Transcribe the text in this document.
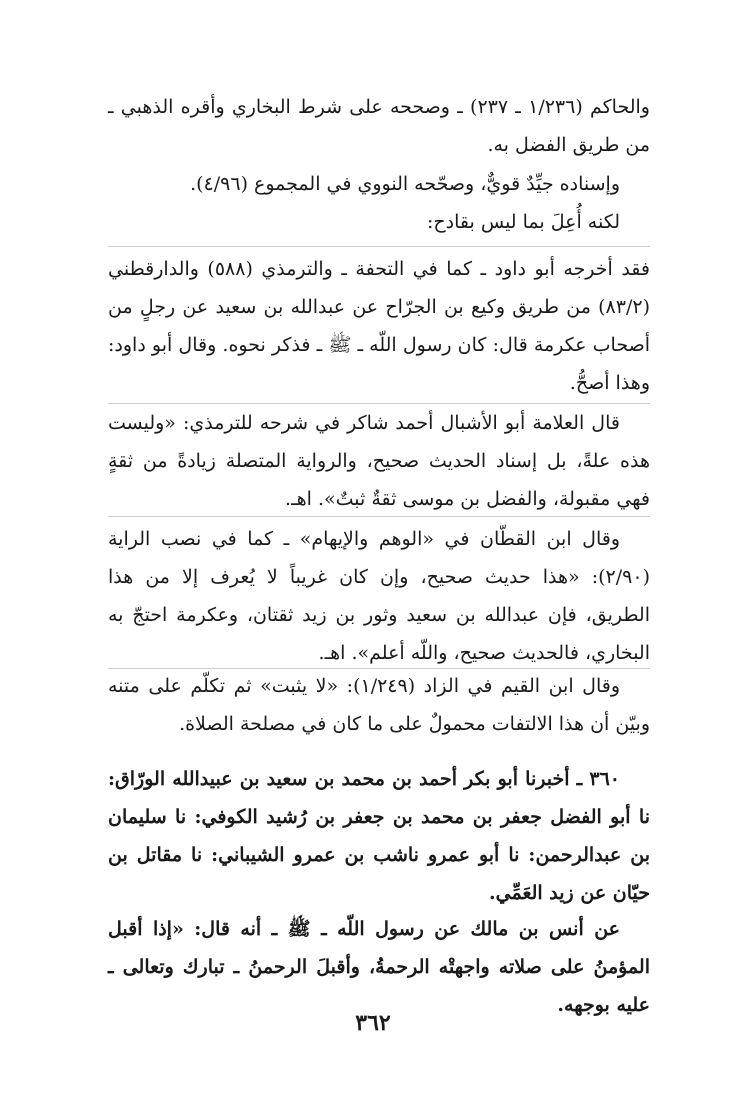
والحاكم (١/٢٣٦ ـ ٢٣٧) ـ وصححه على شرط البخاري وأقره الذهبي ـ من طريق الفضل به.
وإسناده جيِّدٌ قويٌّ، وصحّحه النووي في المجموع (٤/٩٦).
لكنه أُعِلَ بما ليس بقادح:
فقد أخرجه أبو داود ـ كما في التحفة ـ والترمذي (٥٨٨) والدارقطني (٨٣/٢) من طريق وكيع بن الجرّاح عن عبدالله بن سعيد عن رجلٍ من أصحاب عكرمة قال: كان رسول اللّه ـ ﷺ ـ فذكر نحوه. وقال أبو داود: وهذا أصحُّ.
قال العلامة أبو الأشبال أحمد شاكر في شرحه للترمذي: «وليست هذه علةً، بل إسناد الحديث صحيح، والرواية المتصلة زيادةً من ثقةٍ فهي مقبولة، والفضل بن موسى ثقةٌ ثبتٌ». اهـ.
وقال ابن القطّان في «الوهم والإيهام» ـ كما في نصب الراية (٢/٩٠): «هذا حديث صحيح، وإن كان غريباً لا يُعرف إلا من هذا الطريق، فإن عبدالله بن سعيد وثور بن زيد ثقتان، وعكرمة احتجّ به البخاري، فالحديث صحيح، واللّه أعلم». اهـ.
وقال ابن القيم في الزاد (١/٢٤٩): «لا يثبت» ثم تكلّم على متنه وبيّن أن هذا الالتفات محمولٌ على ما كان في مصلحة الصلاة.
٣٦٠ ـ أخبرنا أبو بكر أحمد بن محمد بن سعيد بن عبيدالله الورّاق: نا أبو الفضل جعفر بن محمد بن جعفر بن رُشيد الكوفي: نا سليمان بن عبدالرحمن: نا أبو عمرو ناشب بن عمرو الشيباني: نا مقاتل بن حيّان عن زيد العَمِّي.
عن أنس بن مالك عن رسول اللّه ـ ﷺ ـ أنه قال: «إذا أقبل المؤمنُ على صلاته واجهتْه الرحمةُ، وأقبلَ الرحمنُ ـ تبارك وتعالى ـ عليه بوجهه.
٣٦٢
